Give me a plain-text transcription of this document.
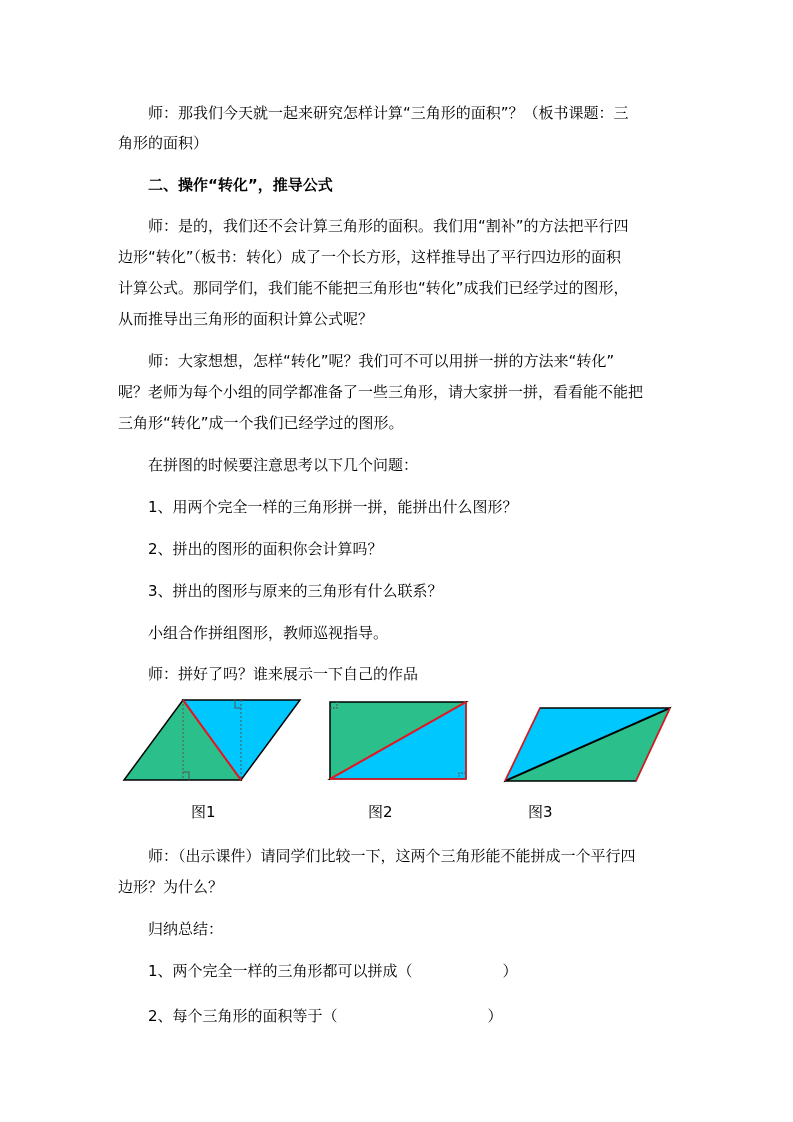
　　师：那我们今天就一起来研究怎样计算“三角形的面积”？（板书课题：三
角形的面积）
　　二、操作“转化”，推导公式
　　师：是的，我们还不会计算三角形的面积。我们用“割补”的方法把平行四
边形“转化”（板书：转化）成了一个长方形，这样推导出了平行四边形的面积
计算公式。那同学们，我们能不能把三角形也“转化”成我们已经学过的图形，
从而推导出三角形的面积计算公式呢？
　　师：大家想想，怎样“转化”呢？我们可不可以用拼一拼的方法来“转化”
呢？老师为每个小组的同学都准备了一些三角形，请大家拼一拼，看看能不能把
三角形“转化”成一个我们已经学过的图形。
　　在拼图的时候要注意思考以下几个问题：
　　1、用两个完全一样的三角形拼一拼，能拼出什么图形？
　　2、拼出的图形的面积你会计算吗？
　　3、拼出的图形与原来的三角形有什么联系？
　　小组合作拼组图形，教师巡视指导。
　　师：拼好了吗？谁来展示一下自己的作品
图1	图2	图3
　　师：（出示课件）请同学们比较一下，这两个三角形能不能拼成一个平行四
边形？为什么？
　　归纳总结：
　　1、两个完全一样的三角形都可以拼成（　　　　　　）
　　2、每个三角形的面积等于（　　　　　　　　　　）
